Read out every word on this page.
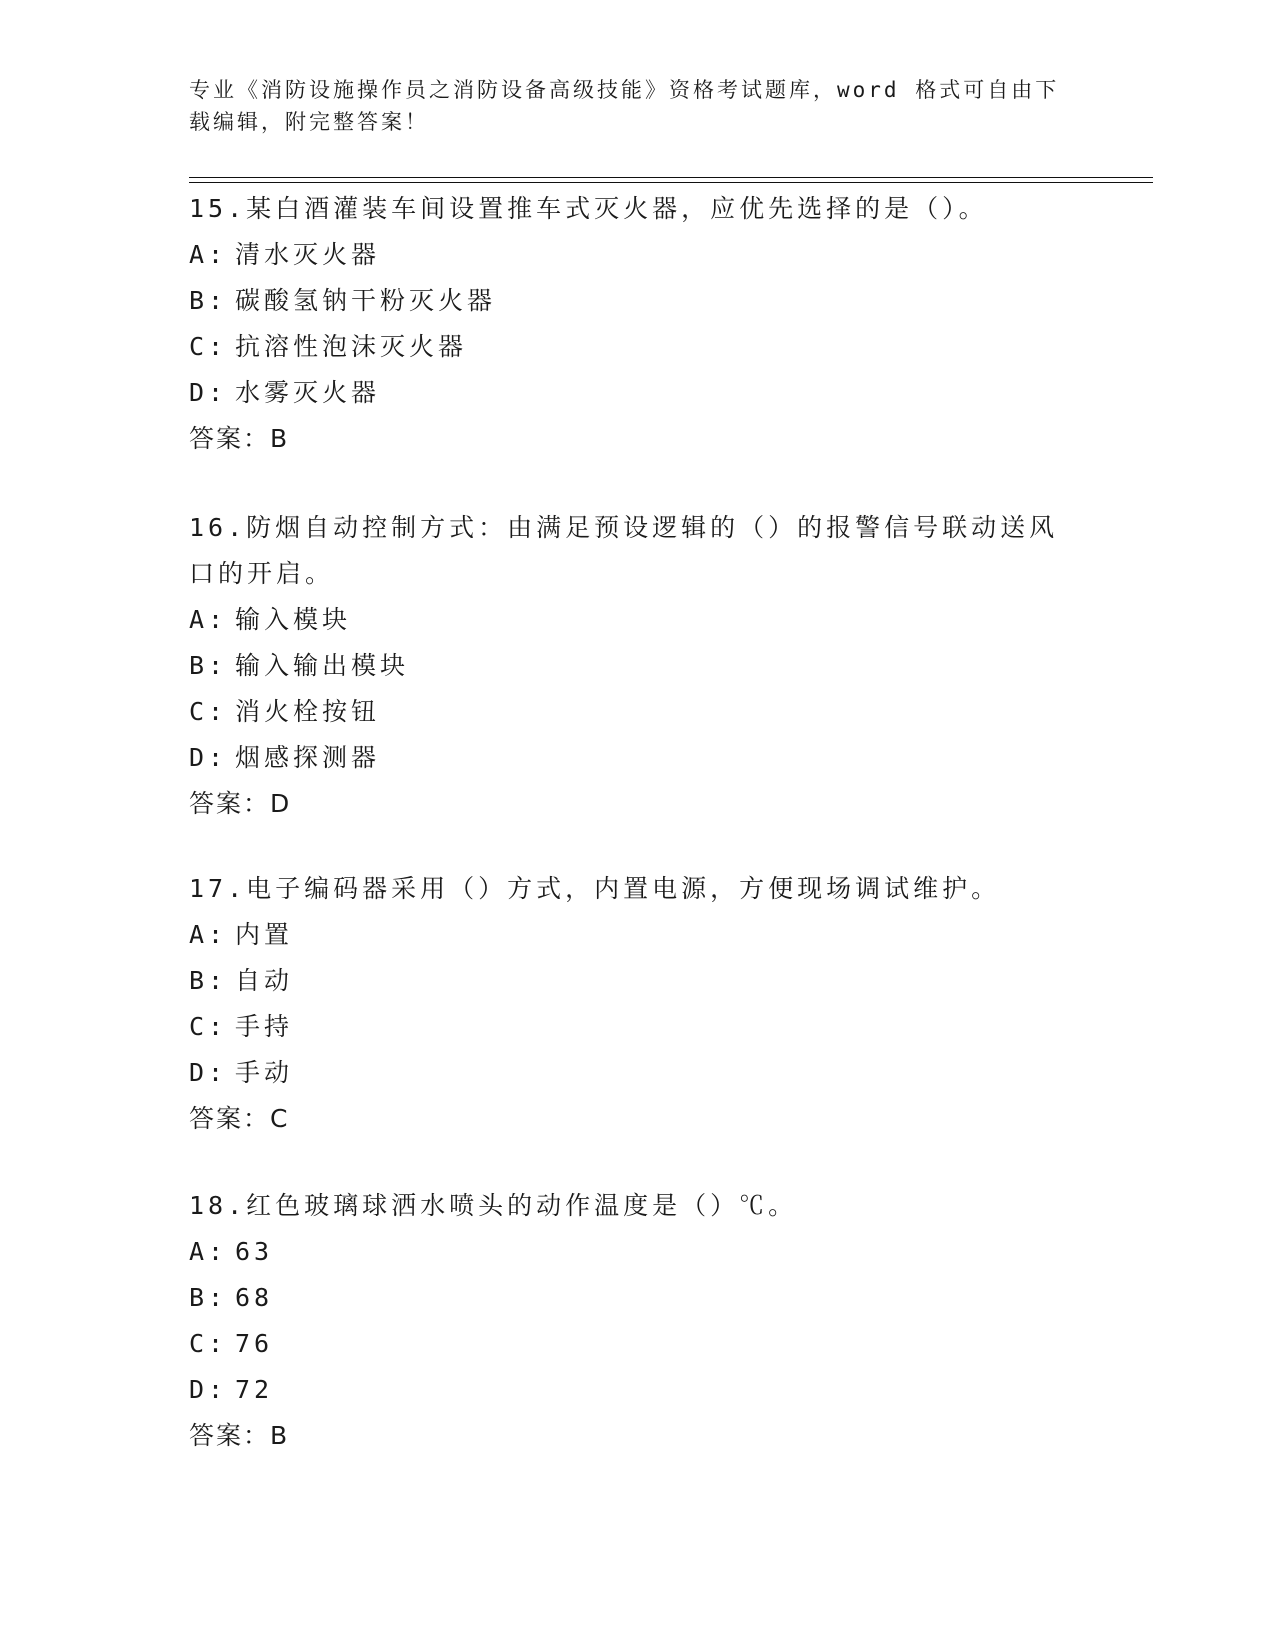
专业《消防设施操作员之消防设备高级技能》资格考试题库，word 格式可自由下
载编辑，附完整答案！
15.某白酒灌装车间设置推车式灭火器，应优先选择的是（）。
A: 清水灭火器
B: 碳酸氢钠干粉灭火器
C: 抗溶性泡沫灭火器
D: 水雾灭火器
答案：B
16.防烟自动控制方式：由满足预设逻辑的（）的报警信号联动送风口的开启。
A: 输入模块
B: 输入输出模块
C: 消火栓按钮
D: 烟感探测器
答案：D
17.电子编码器采用（）方式，内置电源，方便现场调试维护。
A: 内置
B: 自动
C: 手持
D: 手动
答案：C
18.红色玻璃球洒水喷头的动作温度是（）℃。
A: 63
B: 68
C: 76
D: 72
答案：B
